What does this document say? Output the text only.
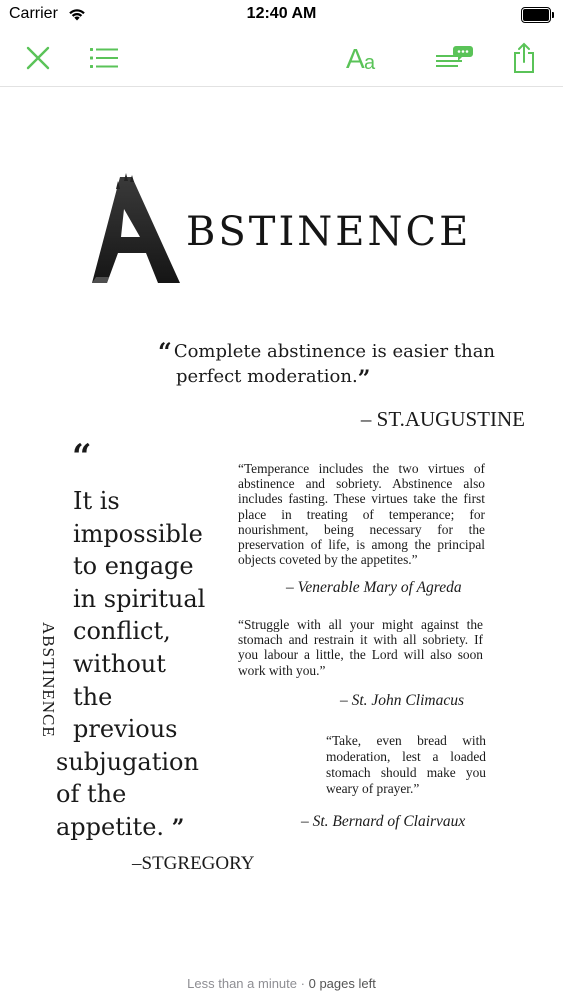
Carrier	12:40 AM
A a
BSTINENCE
“ Complete abstinence is easier than
perfect moderation.”
– ST.AUGUSTINE
ABSTINENCE
“
It is
impossible
to engage
in spiritual
conflict,
without
the
previous
subjugation
of the
appetite. ”
–STGREGORY
“Temperance includes the two virtues of abstinence and sobriety. Abstinence also includes fasting. These virtues take the first place in treating of temperance; for nourishment, being necessary for the preservation of life, is among the principal objects coveted by the appetites.”
– Venerable Mary of Agreda
“Struggle with all your might against the stomach and restrain it with all sobriety. If you labour a little, the Lord will also soon work with you.”
– St. John Climacus
“Take, even bread with moderation, lest a loaded stomach should make you weary of prayer.”
– St. Bernard of Clairvaux
Less than a minute · 0 pages left
